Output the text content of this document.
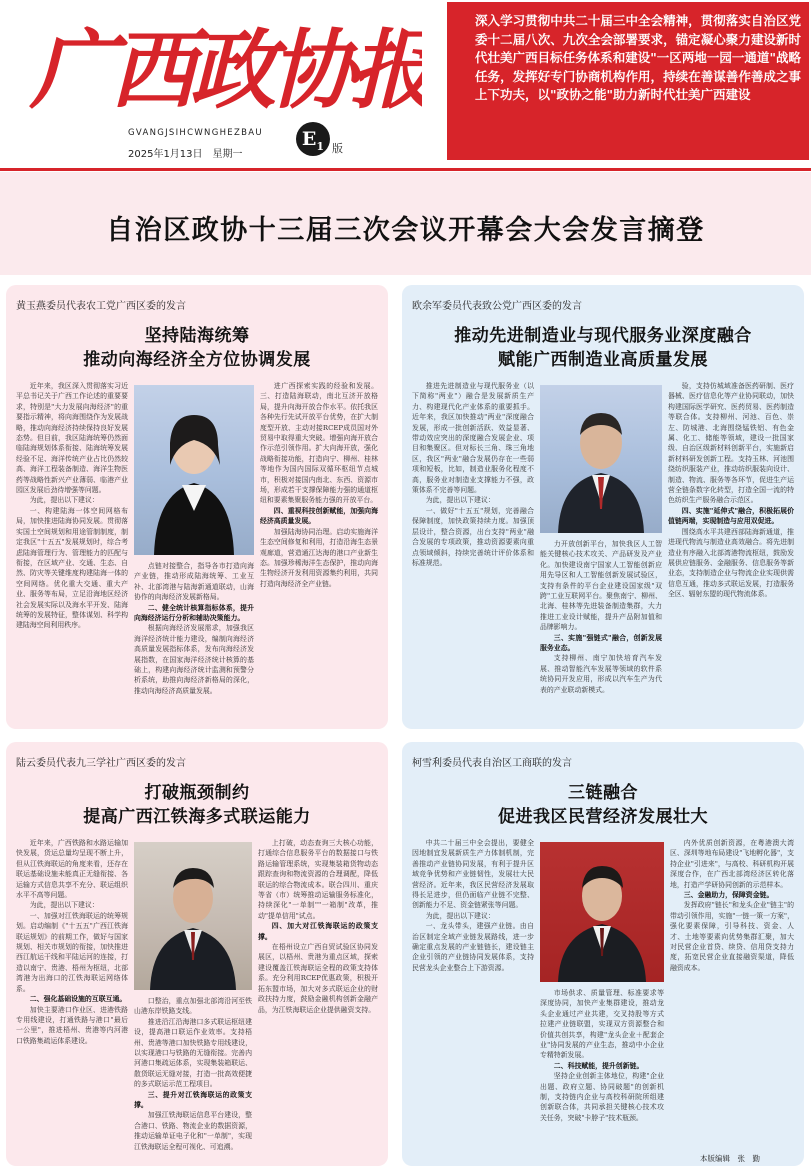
广西政协报
GVANGJSIHCWNGHEZBAU
2025年1月13日　星期一
$E_1$ 版
深入学习贯彻中共二十届三中全会精神，贯彻落实自治区党委十二届八次、九次全会部署要求，锚定凝心聚力建设新时代壮美广西目标任务体系和建设"一区两地一园一通道"战略任务，发挥好专门协商机构作用，持续在善谋善作善成之事上下功夫，以"政协之能"助力新时代壮美广西建设
自治区政协十三届三次会议开幕会大会发言摘登
黄玉燕委员代表农工党广西区委的发言
坚持陆海统筹
推动向海经济全方位协调发展

近年来，我区深入贯彻落实习近平总书记关于广西工作论述的重要要求，特别是"大力发展向海经济"的重要指示精神，将向海围绕作为发展战略，推动向海经济持续保持良好发展态势。但目前，我区陆海统筹仍然面临陆海规划体系衔接、陆海统筹发展经验不足、海洋传统产业占比仍然较高、海洋工程装备制造、海洋生物医药等战略性新兴产业薄弱、临港产业园区发展后劲待增强等问题。

为此，提出以下建议：

一、构建陆海一体空间网格布局，加快推进陆海协同发展。贯彻落实国土空间规划和用途管制制度，制定我区"十五五"发展规划时，综合考虑陆海管理行为、管理能力的匹配与衔接，在区域产业、交通、生态、自然、防灾等关键维度构建陆海一体的空间网络。优化重大交通、重大产业、服务等布局，立足沿海地区经济社会发展实际以及海水平开发、陆海统筹的发展特征，整体谋划、科学构建陆海空间利用秩序。

点链对接整合，指导各市打造向海产业链，推动形成陆海统筹、工业互补、北部湾港与陆海新通道联动，山海协作的向海经济发展新格局。

二、健全统计核算指标体系，提升向海经济运行分析和辅助决策能力。

根据向海经济发展需求，加强我区海洋经济统计能力建设，编制向海经济高质量发展指标体系，发布向海经济发展指数，在国家海洋经济统计核算的基础上，构建向海经济统计监测和预警分析系统，助推向海经济新格局的深化，推动向海经济高质量发展。

进广西探索实践的经验和发展。三、打造陆海联动，南北互济开放格局，提升向海开放合作水平。依托我区各种先行先试开放平台优势，在扩大制度型开放、主动对接RCEP成员国对外贸易中取得重大突破。增强向海开放合作示范引领作用。扩大向海开放，强化战略衔接功能，打造向宁、柳州、桂林等地作为国内国际双循环枢纽节点城市，积极对接国内南北、东西、资源市场，形成若干支撑保障能力强的通道枢纽和要素集聚服务能力强的开放平台。

四、重视科技创新赋能，加强向海经济高质量发展。

加强陆海协同治理。启动实施海洋生态空间修复和利用，打造沿海生态景观廊道，营造通江达海的港口产业新生态。加强珍稀海洋生态保护，推动向海生物经济开发利用资源集约利用，共同打造向海经济全产业链。

欧余军委员代表致公党广西区委的发言
推动先进制造业与现代服务业深度融合
赋能广西制造业高质量发展

推进先进制造业与现代服务业（以下简称"两业"）融合是发展新质生产力、构建现代化产业体系的重要抓手。近年来，我区加快推动"两业"深度融合发展，形成一批创新活跃、效益显著、带动效应突出的深度融合发展企业、项目和集聚区。但对标长三角、珠三角地区，我区"两业"融合发展仍存在一些弱项和短板，比如，制造业服务化程度不高，服务业对制造业支撑能力不强，政策体系不完善等问题。

为此，提出以下建议：

一、做好"十五五"规划，完善融合保障制度，加快政策持续力度。加强顶层设计，整合资源，出台支持"两业"融合发展的专项政策，推动资源要素向重点领域倾斜，持续完善统计评价体系和标准规范。

力开放创新平台，加快我区人工智能关键核心技术攻关、产品研发及产业化。加快建设南宁国家人工智能创新应用先导区和人工智能创新发展试验区，支持有条件的平台企业建设国家级"双跨"工业互联网平台。聚焦南宁、柳州、北海、桂林等先进装备制造集群，大力推进工业设计赋能，提升产品附加值和品牌影响力。

三、实施"强链式"融合，创新发展服务业态。

支持柳州、南宁加快培育汽车发展、推动智能汽车发展等领域的软件系统协同开发应用，形成以汽车生产为代表的产业联动新模式。

验，支持仿城域准备医药研制、医疗器械、医疗信息化等产业协同联动，加快构建国际医学研究、医药贸易、医药制造等联合体。支持柳州、河池、百色、崇左、防城港、北海围绕锰铁铝、有色金属、化工、储能等领域，建设一批国家级、自治区级新材料创新平台，实施新启新材料研发创新工程。支持玉林、河池围绕纺织服装产业，推动纺织服装向设计、制造、物流、服务等各环节，促进生产运营全链条数字化转型，打造全国一流的特色纺织生产服务融合示范区。

四、实施"延伸式"融合，积极拓展价值链两端，实现制造与应用双促进。

围绕高水平共建西部陆海新通道，推进现代物流与制造业高效融合。将先进制造业有序融入北部湾港物流枢纽，鼓励发展供应链服务、金融服务、信息服务等新业态，支持制造企业与物流企业实现供需信息互通，推动多式联运发展，打造服务全区、辐射东盟的现代物流体系。

陆云委员代表九三学社广西区委的发言
打破瓶颈制约
提高广西江铁海多式联运能力

近年来，广西铁路和水路运输加快发展，货运总量均呈现不断上升，但从江铁海联运的角度来看，还存在联运基础设施未能真正无缝衔接、各运输方式信息共享不充分、联运组织水平不高等问题。

为此，提出以下建议：

一、加强对江铁海联运的统筹规划。启动编制《"十五五"广西江铁海联运规划》的前期工作，做好与国家规划、相关市规划的衔接，加快推进西江航运干线和平陆运河的连接，打造以南宁、贵港、梧州为枢纽，北部湾港为出海口的江铁海联运网络体系。

二、强化基础设施的互联互通。

加快主要港口作业区、进港铁路专用线建设，打通铁路与港口"最后一公里"，推进梧州、贵港等内河港口铁路集疏运体系建设。

口整治，重点加强北部湾沿河至铁山港东岸铁路支线。

推进沿江沿海港口多式联运枢纽建设，提高港口联运作业效率。支持梧州、贵港等港口加快铁路专用线建设，以实现港口与铁路的无缝衔接。完善内河港口集疏运体系，实现集装箱联运、散货联运无缝对接，打造一批高效便捷的多式联运示范工程项目。

三、提升对江铁海联运的政策支撑。

加强江铁海联运信息平台建设，整合港口、铁路、物流企业的数据资源，推动运输单证电子化和"一单制"，实现江铁海联运全程可视化、可追溯。

上打破，动态查询三大核心功能，打通综合信息服务平台的数据接口与铁路运输管理系统，实现集装箱货物动态跟踪查询和物流资源的合理调配，降低联运的综合物流成本。联合四川、重庆等省（市）统筹推动运输服务标准化，持续深化"一单制""一箱制"改革，推动"提单信用"试点。

四、加大对江铁海联运的政策支撑。

在梧州设立广西自贸试验区协同发展区，以梧州、贵港为重点区域，探索建设覆盖江铁海联运全程的政策支持体系。充分利用RCEP优惠政策，积极开拓东盟市场，加大对多式联运企业的财政扶持力度，鼓励金融机构创新金融产品，为江铁海联运企业提供融资支持。

柯雪利委员代表自治区工商联的发言
三链融合
促进我区民营经济发展壮大

中共二十届三中全会提出，要健全因地制宜发展新质生产力体制机制，完善推动产业链协同发展，有利于提升区域竞争优势和产业链韧性，发展壮大民营经济。近年来，我区民营经济发展取得长足进步，但仍面临产业链不完整、创新能力不足、资金链紧张等问题。

为此，提出以下建议：

一、龙头带头，建强产业链。由自治区制定全域产业链发展路线，进一步确定重点发展的产业链链长，建设链主企业引领的产业链协同发展体系，支持民营龙头企业整合上下游资源。

市场供求、质量管理、标准要求等深度协同，加快产业集群建设，推动龙头企业通过产业共建，交叉持股等方式拉建产业链联盟，实现双方资源整合和价值共创共享，构建"龙头企业＋配套企业"协同发展的产业生态，推动中小企业专精特新发展。

二、科技赋能，提升创新链。

坚持企业创新主体地位，构建"企业出题、政府立题、协同破题"的创新机制，支持链内企业与高校科研院所组建创新联合体，共同承担关键核心技术攻关任务，突破"卡脖子"技术瓶颈。

内外优质创新资源，在粤港澳大湾区、深圳等地布局建设"飞地孵化器"，支持企业"引进来"，与高校、科研机构开展深度合作，在广西北部湾经济区转化落地，打造产学研协同创新的示范样本。

三、金融助力，保障资金链。

发挥政府"链长"和龙头企业"链主"的带动引领作用，实施"一链一策一方案"，强化要素保障，引导科技、资金、人才、土地等要素向优势集群汇聚，加大对民营企业首贷、续贷、信用贷支持力度，拓宽民营企业直接融资渠道，降低融资成本。

本版编辑　张　勤
